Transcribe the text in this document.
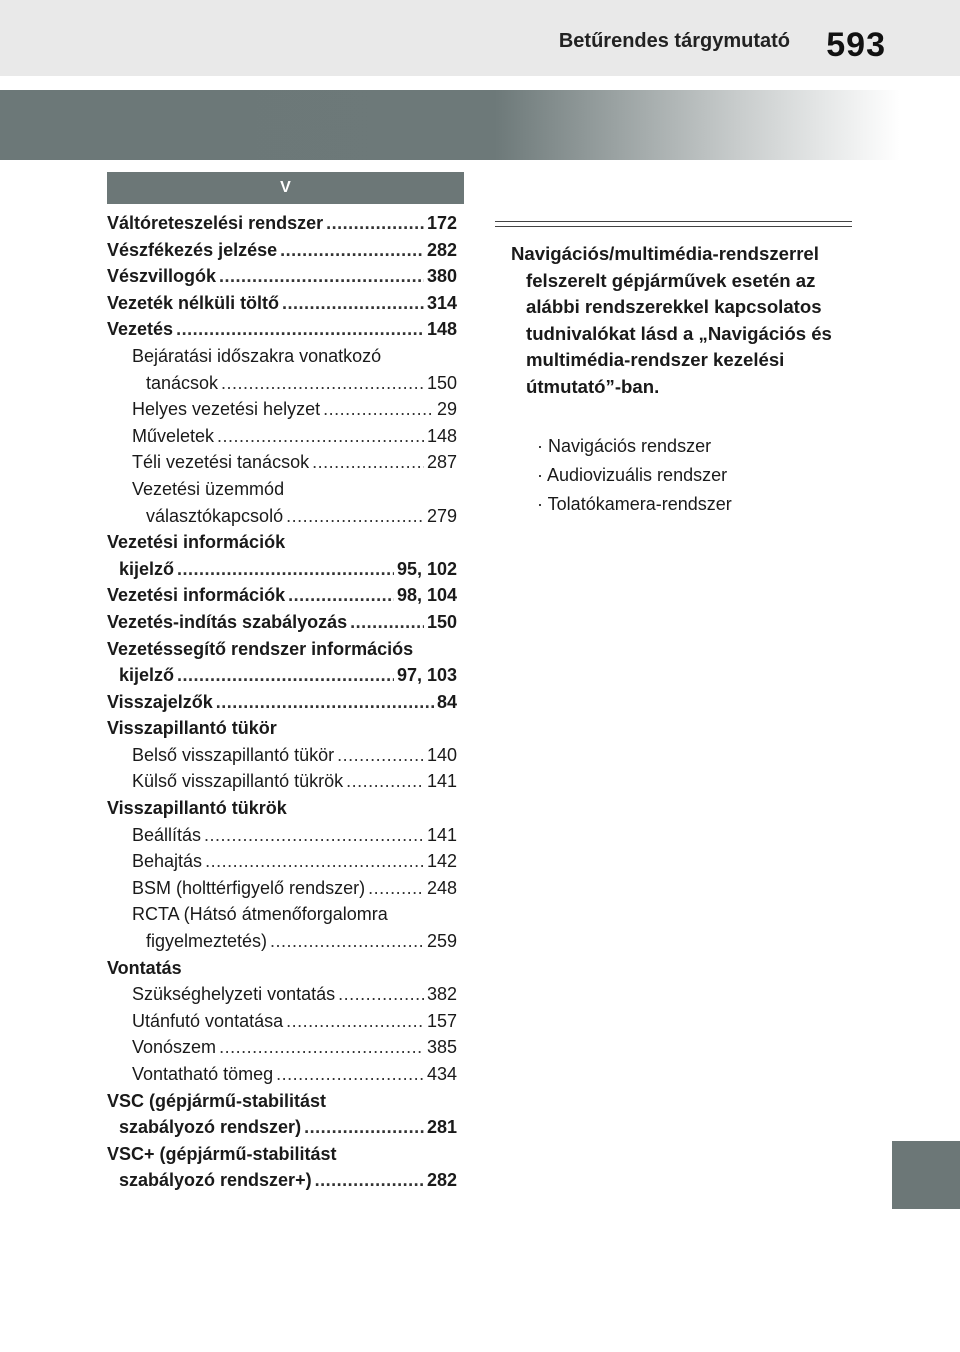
Betűrendes tárgymutató 593
V
Váltóreteszelési rendszer .....	172
Vészfékezés jelzése .....	282
Vészvillogók .....	380
Vezeték nélküli töltő .....	314
Vezetés .....	148
Bejáratási időszakra vonatkozó
tanácsok .....	150
Helyes vezetési helyzet .....	29
Műveletek .....	148
Téli vezetési tanácsok .....	287
Vezetési üzemmód
választókapcsoló .....	279
Vezetési információk
kijelző .....	95, 102
Vezetési információk .....	98, 104
Vezetés-indítás szabályozás .....	150
Vezetéssegítő rendszer információs
kijelző .....	97, 103
Visszajelzők .....	84
Visszapillantó tükör
Belső visszapillantó tükör .....	140
Külső visszapillantó tükrök .....	141
Visszapillantó tükrök
Beállítás .....	141
Behajtás .....	142
BSM (holttérfigyelő rendszer) .....	248
RCTA (Hátsó átmenőforgalomra
figyelmeztetés) .....	259
Vontatás
Szükséghelyzeti vontatás .....	382
Utánfutó vontatása .....	157
Vonószem .....	385
Vontatható tömeg .....	434
VSC (gépjármű-stabilitást
szabályozó rendszer) .....	281
VSC+ (gépjármű-stabilitást
szabályozó rendszer+) .....	282
Navigációs/multimédia-rendszerrel felszerelt gépjárművek esetén az alábbi rendszerekkel kapcsolatos tudnivalókat lásd a „Navigációs és multimédia-rendszer kezelési útmutató”-ban.
· Navigációs rendszer
· Audiovizuális rendszer
· Tolatókamera-rendszer
